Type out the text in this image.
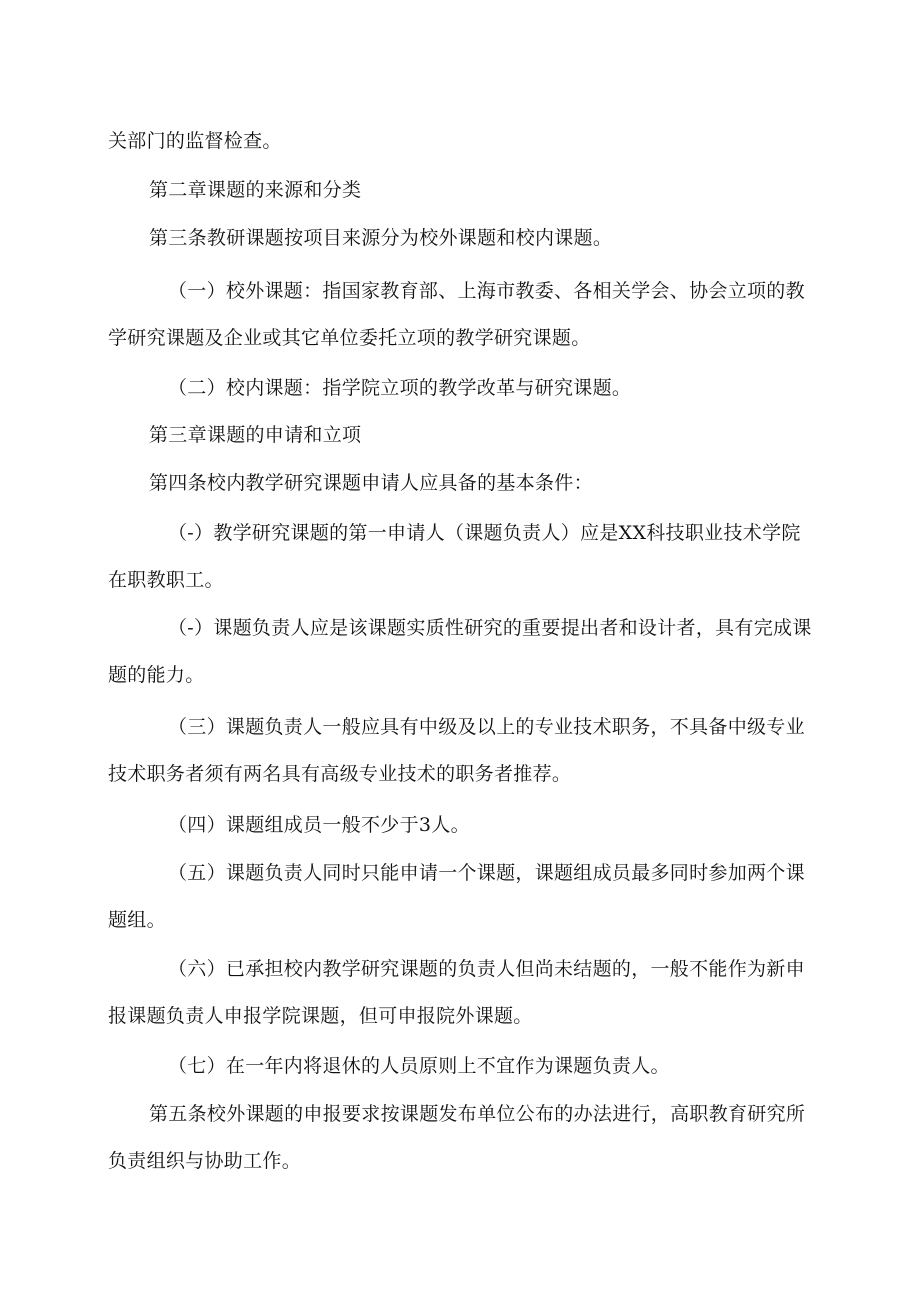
关部门的监督检查。

第二章课题的来源和分类

第三条教研课题按项目来源分为校外课题和校内课题。

（一）校外课题：指国家教育部、上海市教委、各相关学会、协会立项的教学研究课题及企业或其它单位委托立项的教学研究课题。

（二）校内课题：指学院立项的教学改革与研究课题。

第三章课题的申请和立项

第四条校内教学研究课题申请人应具备的基本条件：

（-）教学研究课题的第一申请人（课题负责人）应是XX科技职业技术学院在职教职工。

（-）课题负责人应是该课题实质性研究的重要提出者和设计者，具有完成课题的能力。

（三）课题负责人一般应具有中级及以上的专业技术职务，不具备中级专业技术职务者须有两名具有高级专业技术的职务者推荐。

（四）课题组成员一般不少于3人。

（五）课题负责人同时只能申请一个课题，课题组成员最多同时参加两个课题组。

（六）已承担校内教学研究课题的负责人但尚未结题的，一般不能作为新申报课题负责人申报学院课题，但可申报院外课题。

（七）在一年内将退休的人员原则上不宜作为课题负责人。

第五条校外课题的申报要求按课题发布单位公布的办法进行，高职教育研究所负责组织与协助工作。
